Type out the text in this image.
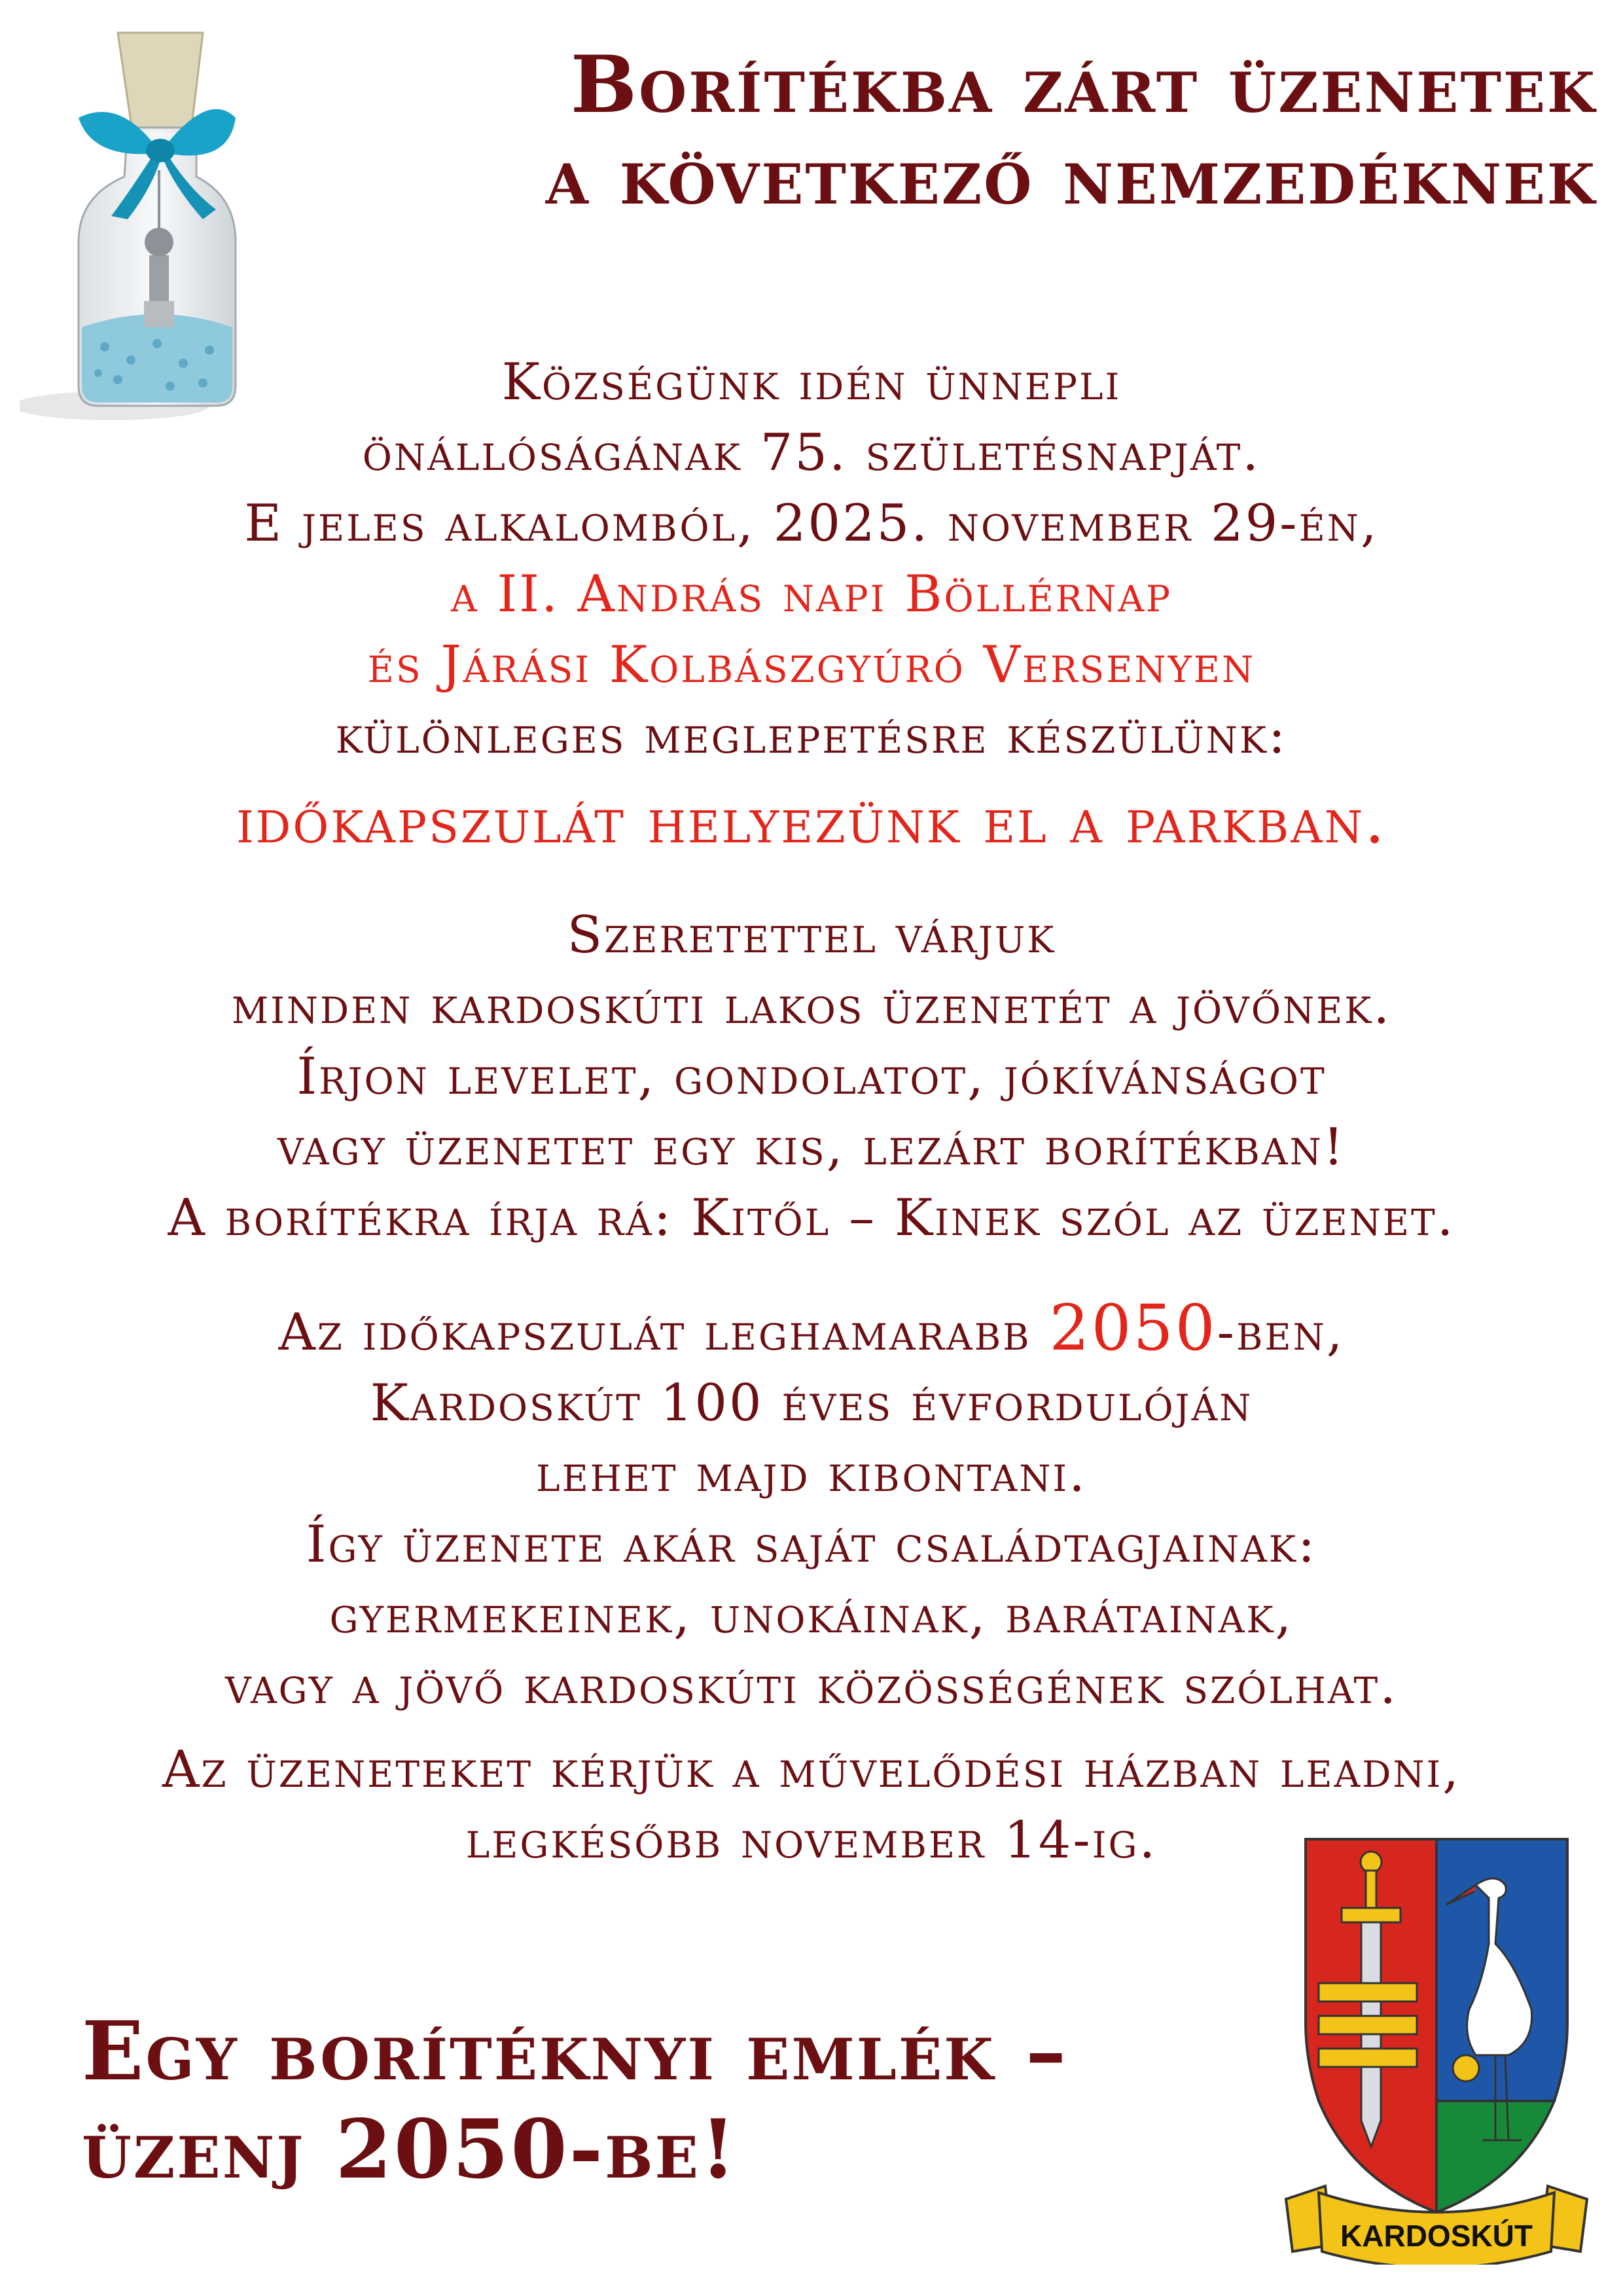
Borítékba zárt üzenetek
a következő nemzedéknek
Községünk idén ünnepli
önállóságának 75. születésnapját.
E jeles alkalomból, 2025. november 29-én,
a II. András napi Böllérnap
és Járási Kolbászgyúró Versenyen
különleges meglepetésre készülünk:
időkapszulát helyezünk el a parkban.
Szeretettel várjuk
minden kardoskúti lakos üzenetét a jövőnek.
Írjon levelet, gondolatot, jókívánságot
vagy üzenetet egy kis, lezárt borítékban!
A borítékra írja rá: Kitől – Kinek szól az üzenet.
Az időkapszulát leghamarabb 2050-ben,
Kardoskút 100 éves évfordulóján
lehet majd kibontani.
Így üzenete akár saját családtagjainak:
gyermekeinek, unokáinak, barátainak,
vagy a jövő kardoskúti közösségének szólhat.
Az üzeneteket kérjük a művelődési házban leadni,
legkésőbb november 14-ig.
Egy borítéknyi emlék –
üzenj 2050-be!
KARDOSKÚT
